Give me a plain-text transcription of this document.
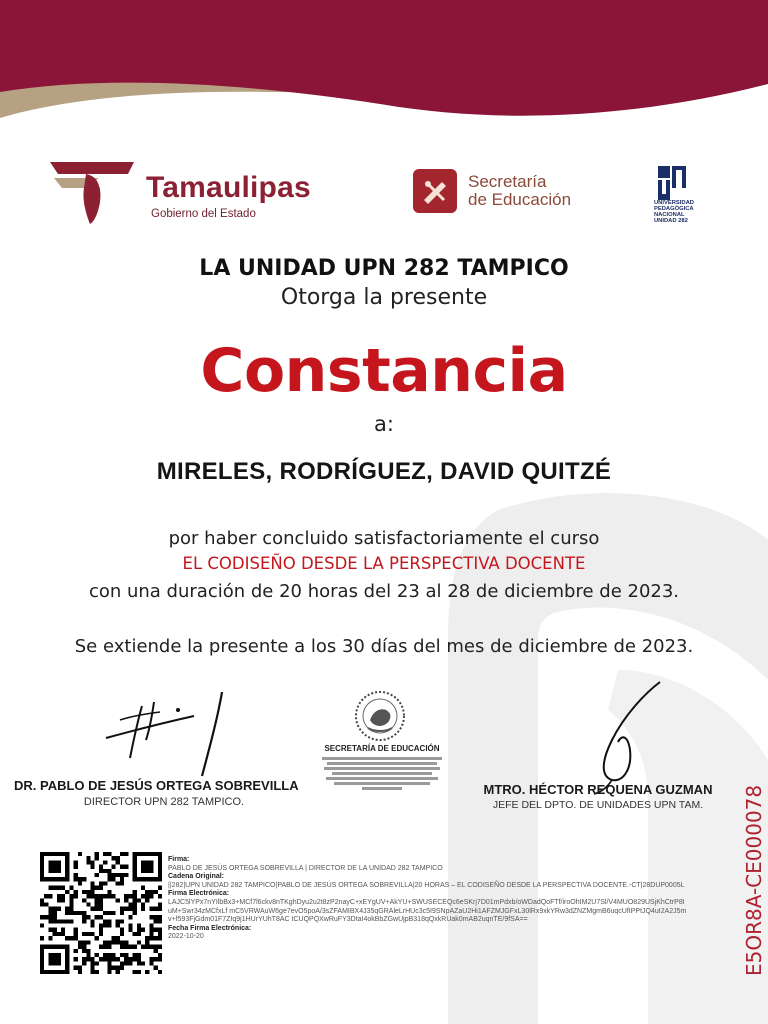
Tamaulipas
Gobierno del Estado
Secretaría
de Educación	UNIVERSIDAD
PEDAGÓGICA
NACIONAL
UNIDAD 282
LA UNIDAD UPN 282 TAMPICO
Otorga la presente
Constancia
a:
MIRELES, RODRÍGUEZ, DAVID QUITZÉ
por haber concluido satisfactoriamente el curso
EL CODISEÑO DESDE LA PERSPECTIVA DOCENTE
con una duración de 20 horas del 23 al 28 de diciembre de 2023.
Se extiende la presente a los 30 días del mes de diciembre de 2023.
SECRETARÍA DE EDUCACIÓN
DR. PABLO DE JESÚS ORTEGA SOBREVILLA
DIRECTOR UPN 282 TAMPICO.
MTRO. HÉCTOR REQUENA GUZMAN
JEFE DEL DPTO. DE UNIDADES UPN TAM.	E5OR8A-CE000078
Firma:
PABLO DE JESÚS ORTEGA SOBREVILLA | DIRECTOR DE LA UNIDAD 282 TAMPICO
Cadena Original:
||282|UPN UNIDAD 282 TAMPICO|PABLO DE JESÚS ORTEGA SOBREVILLA|20 HORAS – EL CODISEÑO DESDE LA PERSPECTIVA DOCENTE.-CT|28DUP0005L
Firma Electrónica:
LAJC5lYPx7nYIlbBx3+MCf7l6ckv8nTKghDyu2u2t8zP2nayC+xEYgUV+AkYU+SWUSECEQc6eSKrj7D01mPdxb/oWDadQoFTf/iroOhIM2U7Sl/V4MUO829USjKhCtrP8IuM+Swr34zMCfxLf mC5VRWAuW6ge7evO5poA/3sZFAMIBX4J35qGRAleLrHUc3c5I9SNpAZaU2Hi1AFZMJGFxL30lRx9xkYRw3dZNZMgmB6uqcUfIPPtJQ4uI2A2J5mv+f593FjGdm01F7ZIq9j1HUrYUhT8AC tCUQPQXwRuFY3DtaI4okBbZGwUjpB318qQxkRUak0mAB2uqnTE/9fSA==
Fecha Firma Electrónica:
2022-10-20
